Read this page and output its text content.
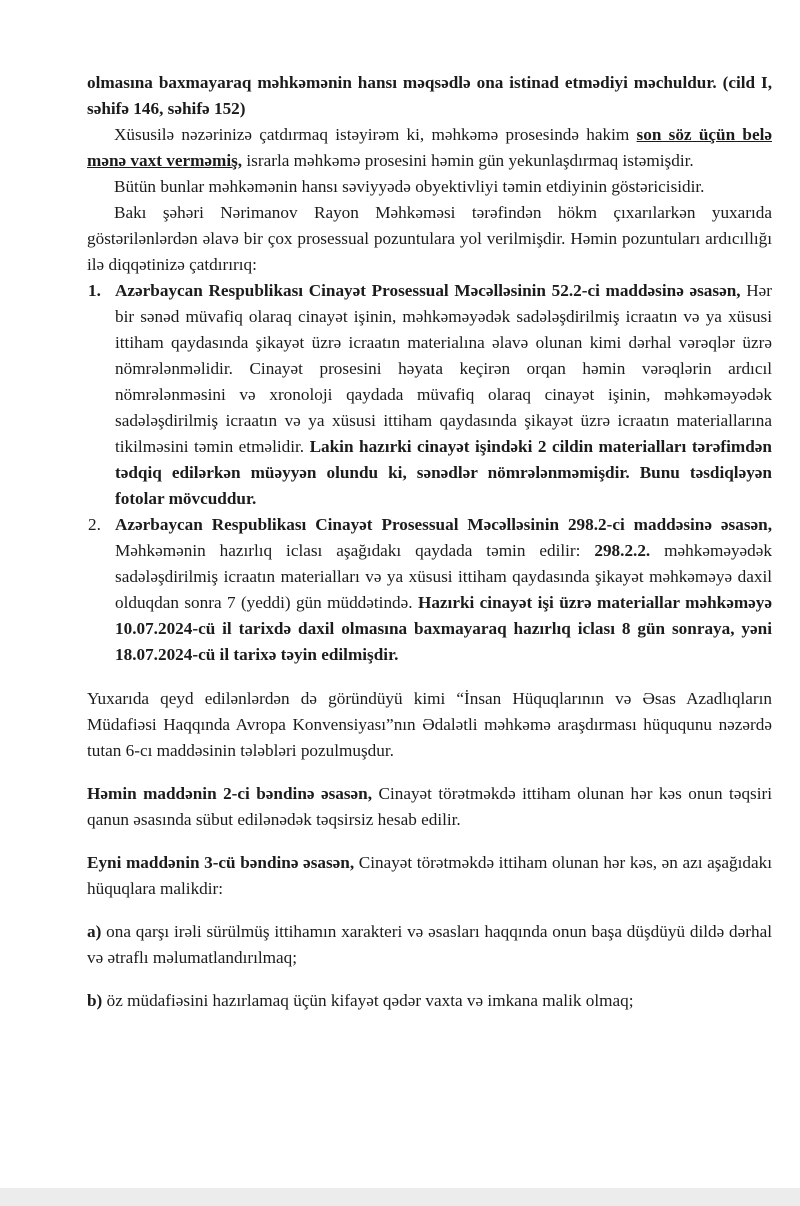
olmasına baxmayaraq məhkəmənin hansı məqsədlə ona istinad etmədiyi məchuldur. (cild I, səhifə 146, səhifə 152)

Xüsusilə nəzərinizə çatdırmaq istəyirəm ki, məhkəmə prosesində hakim son söz üçün belə mənə vaxt verməmiş, israrla məhkəmə prosesini həmin gün yekunlaşdırmaq istəmişdir.

Bütün bunlar məhkəmənin hansı səviyyədə obyektivliyi təmin etdiyinin göstəricisidir.

Bakı şəhəri Nərimanov Rayon Məhkəməsi tərəfindən hökm çıxarılarkən yuxarıda göstərilənlərdən əlavə bir çox prosessual pozuntulara yol verilmişdir. Həmin pozuntuları ardıcıllığı ilə diqqətinizə çatdırırıq:

1. Azərbaycan Respublikası Cinayət Prosessual Məcəlləsinin 52.2-ci maddəsinə əsasən, Hər bir sənəd müvafiq olaraq cinayət işinin, məhkəməyədək sadələşdirilmiş icraatın və ya xüsusi ittiham qaydasında şikayət üzrə icraatın materialına əlavə olunan kimi dərhal vərəqlər üzrə nömrələnməlidir. Cinayət prosesini həyata keçirən orqan həmin vərəqlərin ardıcıl nömrələnməsini və xronoloji qaydada müvafiq olaraq cinayət işinin, məhkəməyədək sadələşdirilmiş icraatın və ya xüsusi ittiham qaydasında şikayət üzrə icraatın materiallarına tikilməsini təmin etməlidir. Lakin hazırki cinayət işindəki 2 cildin materialları tərəfimdən tədqiq edilərkən müəyyən olundu ki, sənədlər nömrələnməmişdir. Bunu təsdiqləyən fotolar mövcuddur.
2. Azərbaycan Respublikası Cinayət Prosessual Məcəlləsinin 298.2-ci maddəsinə əsasən, Məhkəmənin hazırlıq iclası aşağıdakı qaydada təmin edilir: 298.2.2. məhkəməyədək sadələşdirilmiş icraatın materialları və ya xüsusi ittiham qaydasında şikayət məhkəməyə daxil olduqdan sonra 7 (yeddi) gün müddətində. Hazırki cinayət işi üzrə materiallar məhkəməyə 10.07.2024-cü il tarixdə daxil olmasına baxmayaraq hazırlıq iclası 8 gün sonraya, yəni 18.07.2024-cü il tarixə təyin edilmişdir.

Yuxarıda qeyd edilənlərdən də göründüyü kimi “İnsan Hüquqlarının və Əsas Azadlıqların Müdafiəsi Haqqında Avropa Konvensiyası”nın Ədalətli məhkəmə araşdırması hüququnu nəzərdə tutan 6-cı maddəsinin tələbləri pozulmuşdur.

Həmin maddənin 2-ci bəndinə əsasən, Cinayət törətməkdə ittiham olunan hər kəs onun təqsiri qanun əsasında sübut edilənədək təqsirsiz hesab edilir.

Eyni maddənin 3-cü bəndinə əsasən, Cinayət törətməkdə ittiham olunan hər kəs, ən azı aşağıdakı hüquqlara malikdir:

a) ona qarşı irəli sürülmüş ittihamın xarakteri və əsasları haqqında onun başa düşdüyü dildə dərhal və ətraflı məlumatlandırılmaq;

b) öz müdafiəsini hazırlamaq üçün kifayət qədər vaxta və imkana malik olmaq;
